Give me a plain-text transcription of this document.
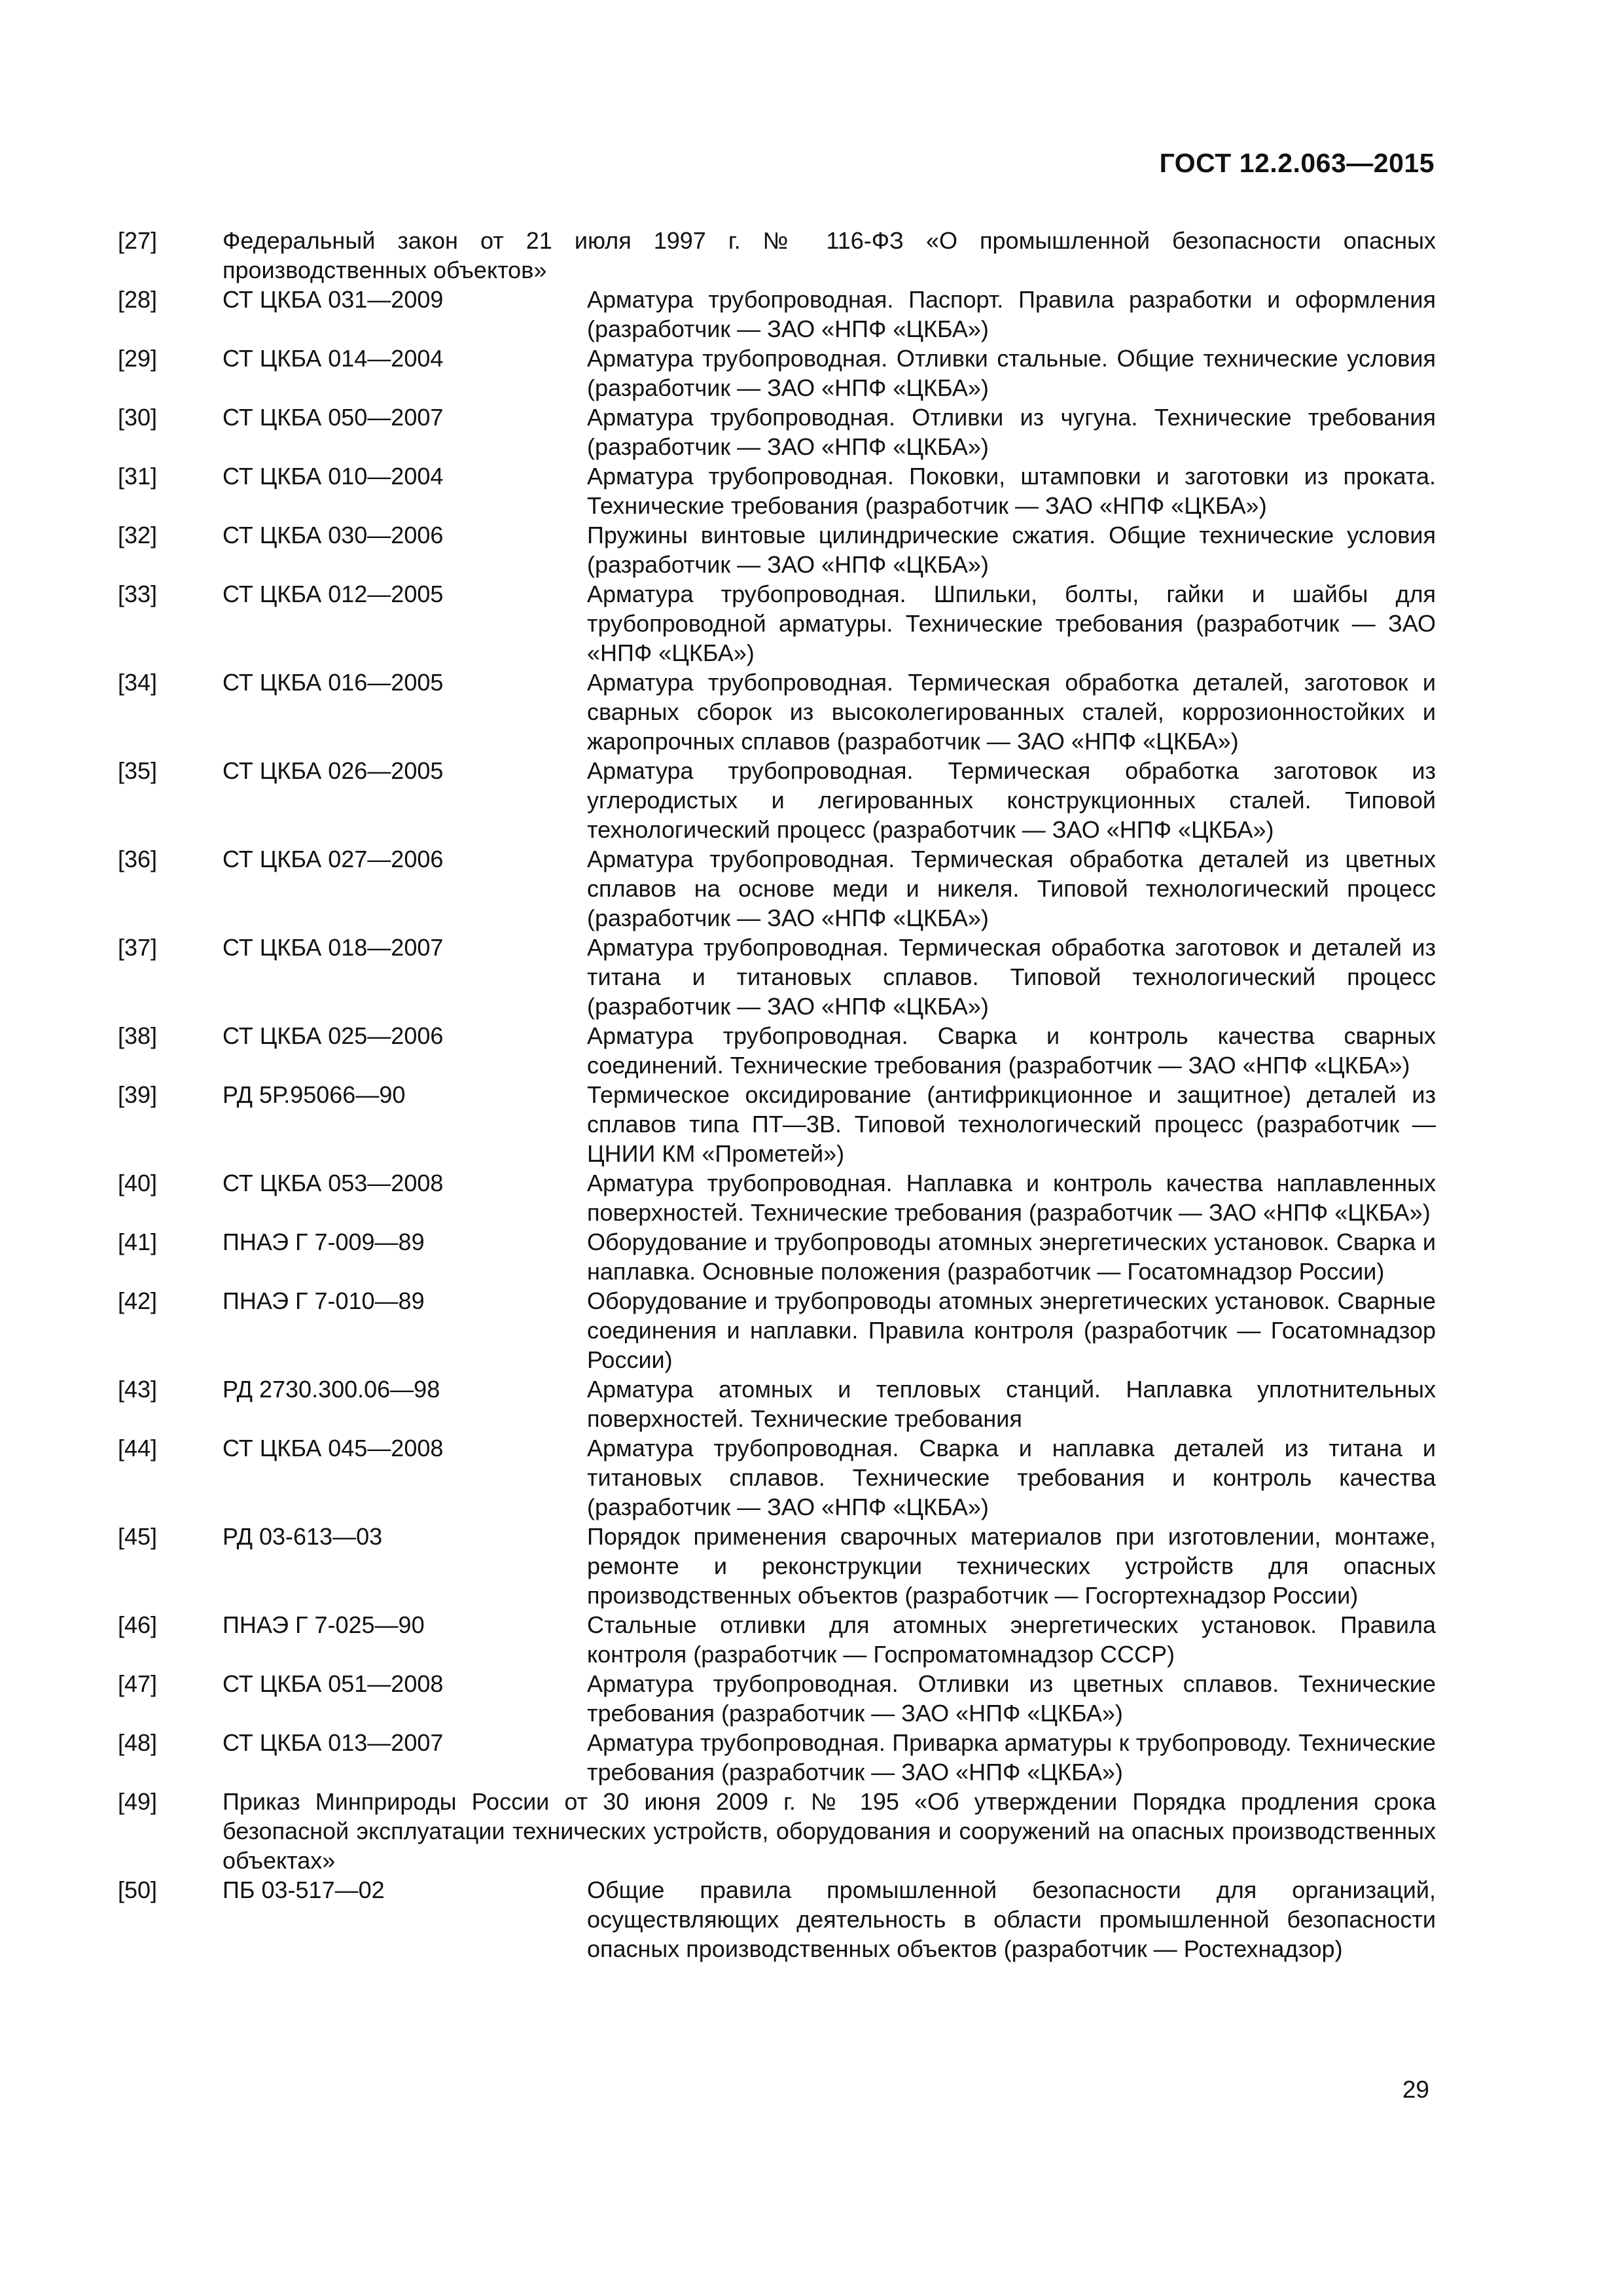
ГОСТ 12.2.063—2015
[27]	Федеральный закон от 21 июля 1997 г. № 116-ФЗ «О промышленной безопасности опасных производственных объектов»
[28]	СТ ЦКБА 031—2009	Арматура трубопроводная. Паспорт. Правила разработки и оформления (разработчик — ЗАО «НПФ «ЦКБА»)
[29]	СТ ЦКБА 014—2004	Арматура трубопроводная. Отливки стальные. Общие технические условия (разработчик — ЗАО «НПФ «ЦКБА»)
[30]	СТ ЦКБА 050—2007	Арматура трубопроводная. Отливки из чугуна. Технические требования (разработчик — ЗАО «НПФ «ЦКБА»)
[31]	СТ ЦКБА 010—2004	Арматура трубопроводная. Поковки, штамповки и заготовки из проката. Технические требования (разработчик — ЗАО «НПФ «ЦКБА»)
[32]	СТ ЦКБА 030—2006	Пружины винтовые цилиндрические сжатия. Общие технические условия (разработчик — ЗАО «НПФ «ЦКБА»)
[33]	СТ ЦКБА 012—2005	Арматура трубопроводная. Шпильки, болты, гайки и шайбы для трубопроводной арматуры. Технические требования (разработчик — ЗАО «НПФ «ЦКБА»)
[34]	СТ ЦКБА 016—2005	Арматура трубопроводная. Термическая обработка деталей, заготовок и сварных сборок из высоколегированных сталей, коррозионностойких и жаропрочных сплавов (разработчик — ЗАО «НПФ «ЦКБА»)
[35]	СТ ЦКБА 026—2005	Арматура трубопроводная. Термическая обработка заготовок из углеродистых и легированных конструкционных сталей. Типовой технологический процесс (разработчик — ЗАО «НПФ «ЦКБА»)
[36]	СТ ЦКБА 027—2006	Арматура трубопроводная. Термическая обработка деталей из цветных сплавов на основе меди и никеля. Типовой технологический процесс (разработчик — ЗАО «НПФ «ЦКБА»)
[37]	СТ ЦКБА 018—2007	Арматура трубопроводная. Термическая обработка заготовок и деталей из титана и титановых сплавов. Типовой технологический процесс (разработчик — ЗАО «НПФ «ЦКБА»)
[38]	СТ ЦКБА 025—2006	Арматура трубопроводная. Сварка и контроль качества сварных соединений. Технические требования (разработчик — ЗАО «НПФ «ЦКБА»)
[39]	РД 5Р.95066—90	Термическое оксидирование (антифрикционное и защитное) деталей из сплавов типа ПТ—3В. Типовой технологический процесс (разработчик — ЦНИИ КМ «Прометей»)
[40]	СТ ЦКБА 053—2008	Арматура трубопроводная. Наплавка и контроль качества наплавленных поверхностей. Технические требования (разработчик — ЗАО «НПФ «ЦКБА»)
[41]	ПНАЭ Г 7-009—89	Оборудование и трубопроводы атомных энергетических установок. Сварка и наплавка. Основные положения (разработчик — Госатомнадзор России)
[42]	ПНАЭ Г 7-010—89	Оборудование и трубопроводы атомных энергетических установок. Сварные соединения и наплавки. Правила контроля (разработчик — Госатомнадзор России)
[43]	РД 2730.300.06—98	Арматура атомных и тепловых станций. Наплавка уплотнительных поверхностей. Технические требования
[44]	СТ ЦКБА 045—2008	Арматура трубопроводная. Сварка и наплавка деталей из титана и титановых сплавов. Технические требования и контроль качества (разработчик — ЗАО «НПФ «ЦКБА»)
[45]	РД 03-613—03	Порядок применения сварочных материалов при изготовлении, монтаже, ремонте и реконструкции технических устройств для опасных производственных объектов (разработчик — Госгортехнадзор России)
[46]	ПНАЭ Г 7-025—90	Стальные отливки для атомных энергетических установок. Правила контроля (разработчик — Госпроматомнадзор СССР)
[47]	СТ ЦКБА 051—2008	Арматура трубопроводная. Отливки из цветных сплавов. Технические требования (разработчик — ЗАО «НПФ «ЦКБА»)
[48]	СТ ЦКБА 013—2007	Арматура трубопроводная. Приварка арматуры к трубопроводу. Технические требования (разработчик — ЗАО «НПФ «ЦКБА»)
[49]	Приказ Минприроды России от 30 июня 2009 г. № 195 «Об утверждении Порядка продления срока безопасной эксплуатации технических устройств, оборудования и сооружений на опасных производственных объектах»
[50]	ПБ 03-517—02	Общие правила промышленной безопасности для организаций, осуществляющих деятельность в области промышленной безопасности опасных производственных объектов (разработчик — Ростехнадзор)
29
